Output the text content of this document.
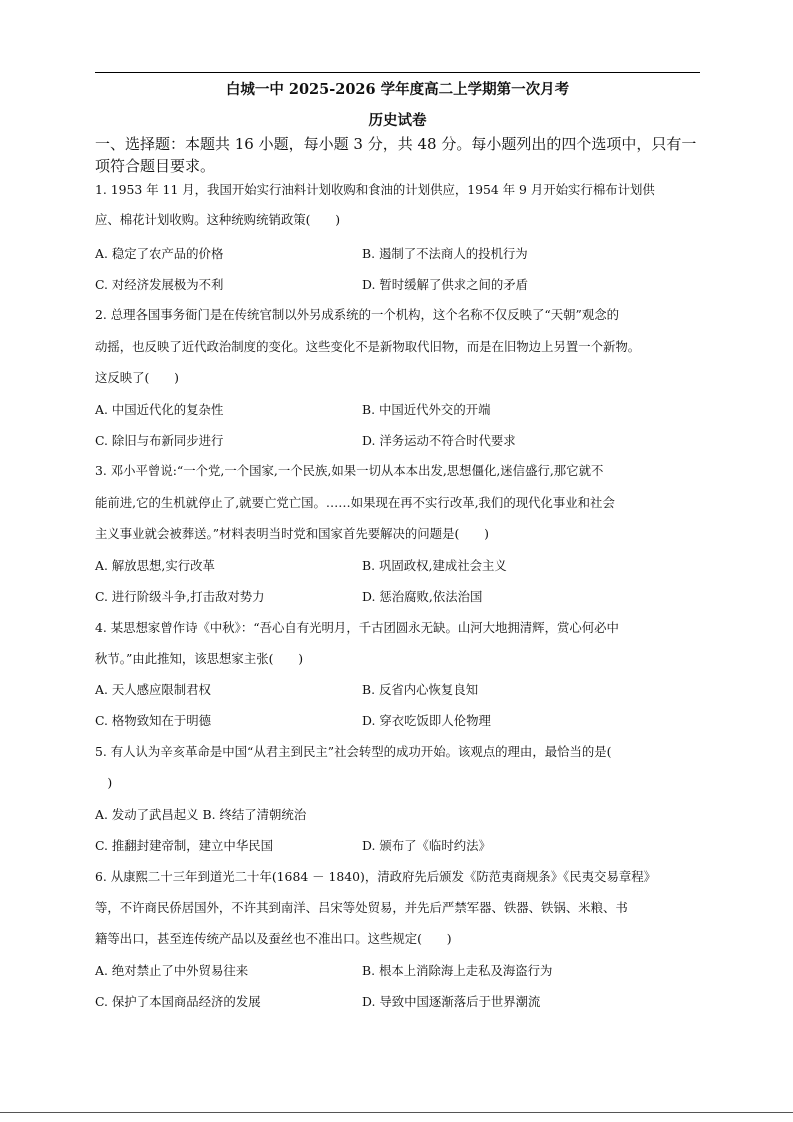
白城一中 2025-2026 学年度高二上学期第一次月考
历史试卷
一、选择题：本题共 16 小题，每小题 3 分，共 48 分。每小题列出的四个选项中，只有一项符合题目要求。
1. 1953 年 11 月，我国开始实行油料计划收购和食油的计划供应，1954 年 9 月开始实行棉布计划供
应、棉花计划收购。这种统购统销政策(　　)
A. 稳定了农产品的价格	B. 遏制了不法商人的投机行为
C. 对经济发展极为不利	D. 暂时缓解了供求之间的矛盾
2. 总理各国事务衙门是在传统官制以外另成系统的一个机构，这个名称不仅反映了“天朝”观念的
动摇，也反映了近代政治制度的变化。这些变化不是新物取代旧物，而是在旧物边上另置一个新物。
这反映了(　　)
A. 中国近代化的复杂性	B. 中国近代外交的开端
C. 除旧与布新同步进行	D. 洋务运动不符合时代要求
3. 邓小平曾说:“一个党,一个国家,一个民族,如果一切从本本出发,思想僵化,迷信盛行,那它就不
能前进,它的生机就停止了,就要亡党亡国。……如果现在再不实行改革,我们的现代化事业和社会
主义事业就会被葬送。”材料表明当时党和国家首先要解决的问题是(　　)
A. 解放思想,实行改革	B. 巩固政权,建成社会主义
C. 进行阶级斗争,打击敌对势力	D. 惩治腐败,依法治国
4. 某思想家曾作诗《中秋》：“吾心自有光明月，千古团圆永无缺。山河大地拥清辉，赏心何必中
秋节。”由此推知，该思想家主张(　　)
A. 天人感应限制君权	B. 反省内心恢复良知
C. 格物致知在于明德	D. 穿衣吃饭即人伦物理
5. 有人认为辛亥革命是中国“从君主到民主”社会转型的成功开始。该观点的理由，最恰当的是(
　)
A. 发动了武昌起义 B. 终结了清朝统治
C. 推翻封建帝制，建立中华民国	D. 颁布了《临时约法》
6. 从康熙二十三年到道光二十年(1684 － 1840)，清政府先后颁发《防范夷商规条》《民夷交易章程》
等，不许商民侨居国外，不许其到南洋、吕宋等处贸易，并先后严禁军器、铁器、铁锅、米粮、书
籍等出口，甚至连传统产品以及蚕丝也不准出口。这些规定(　　)
A. 绝对禁止了中外贸易往来	B. 根本上消除海上走私及海盗行为
C. 保护了本国商品经济的发展	D. 导致中国逐渐落后于世界潮流
